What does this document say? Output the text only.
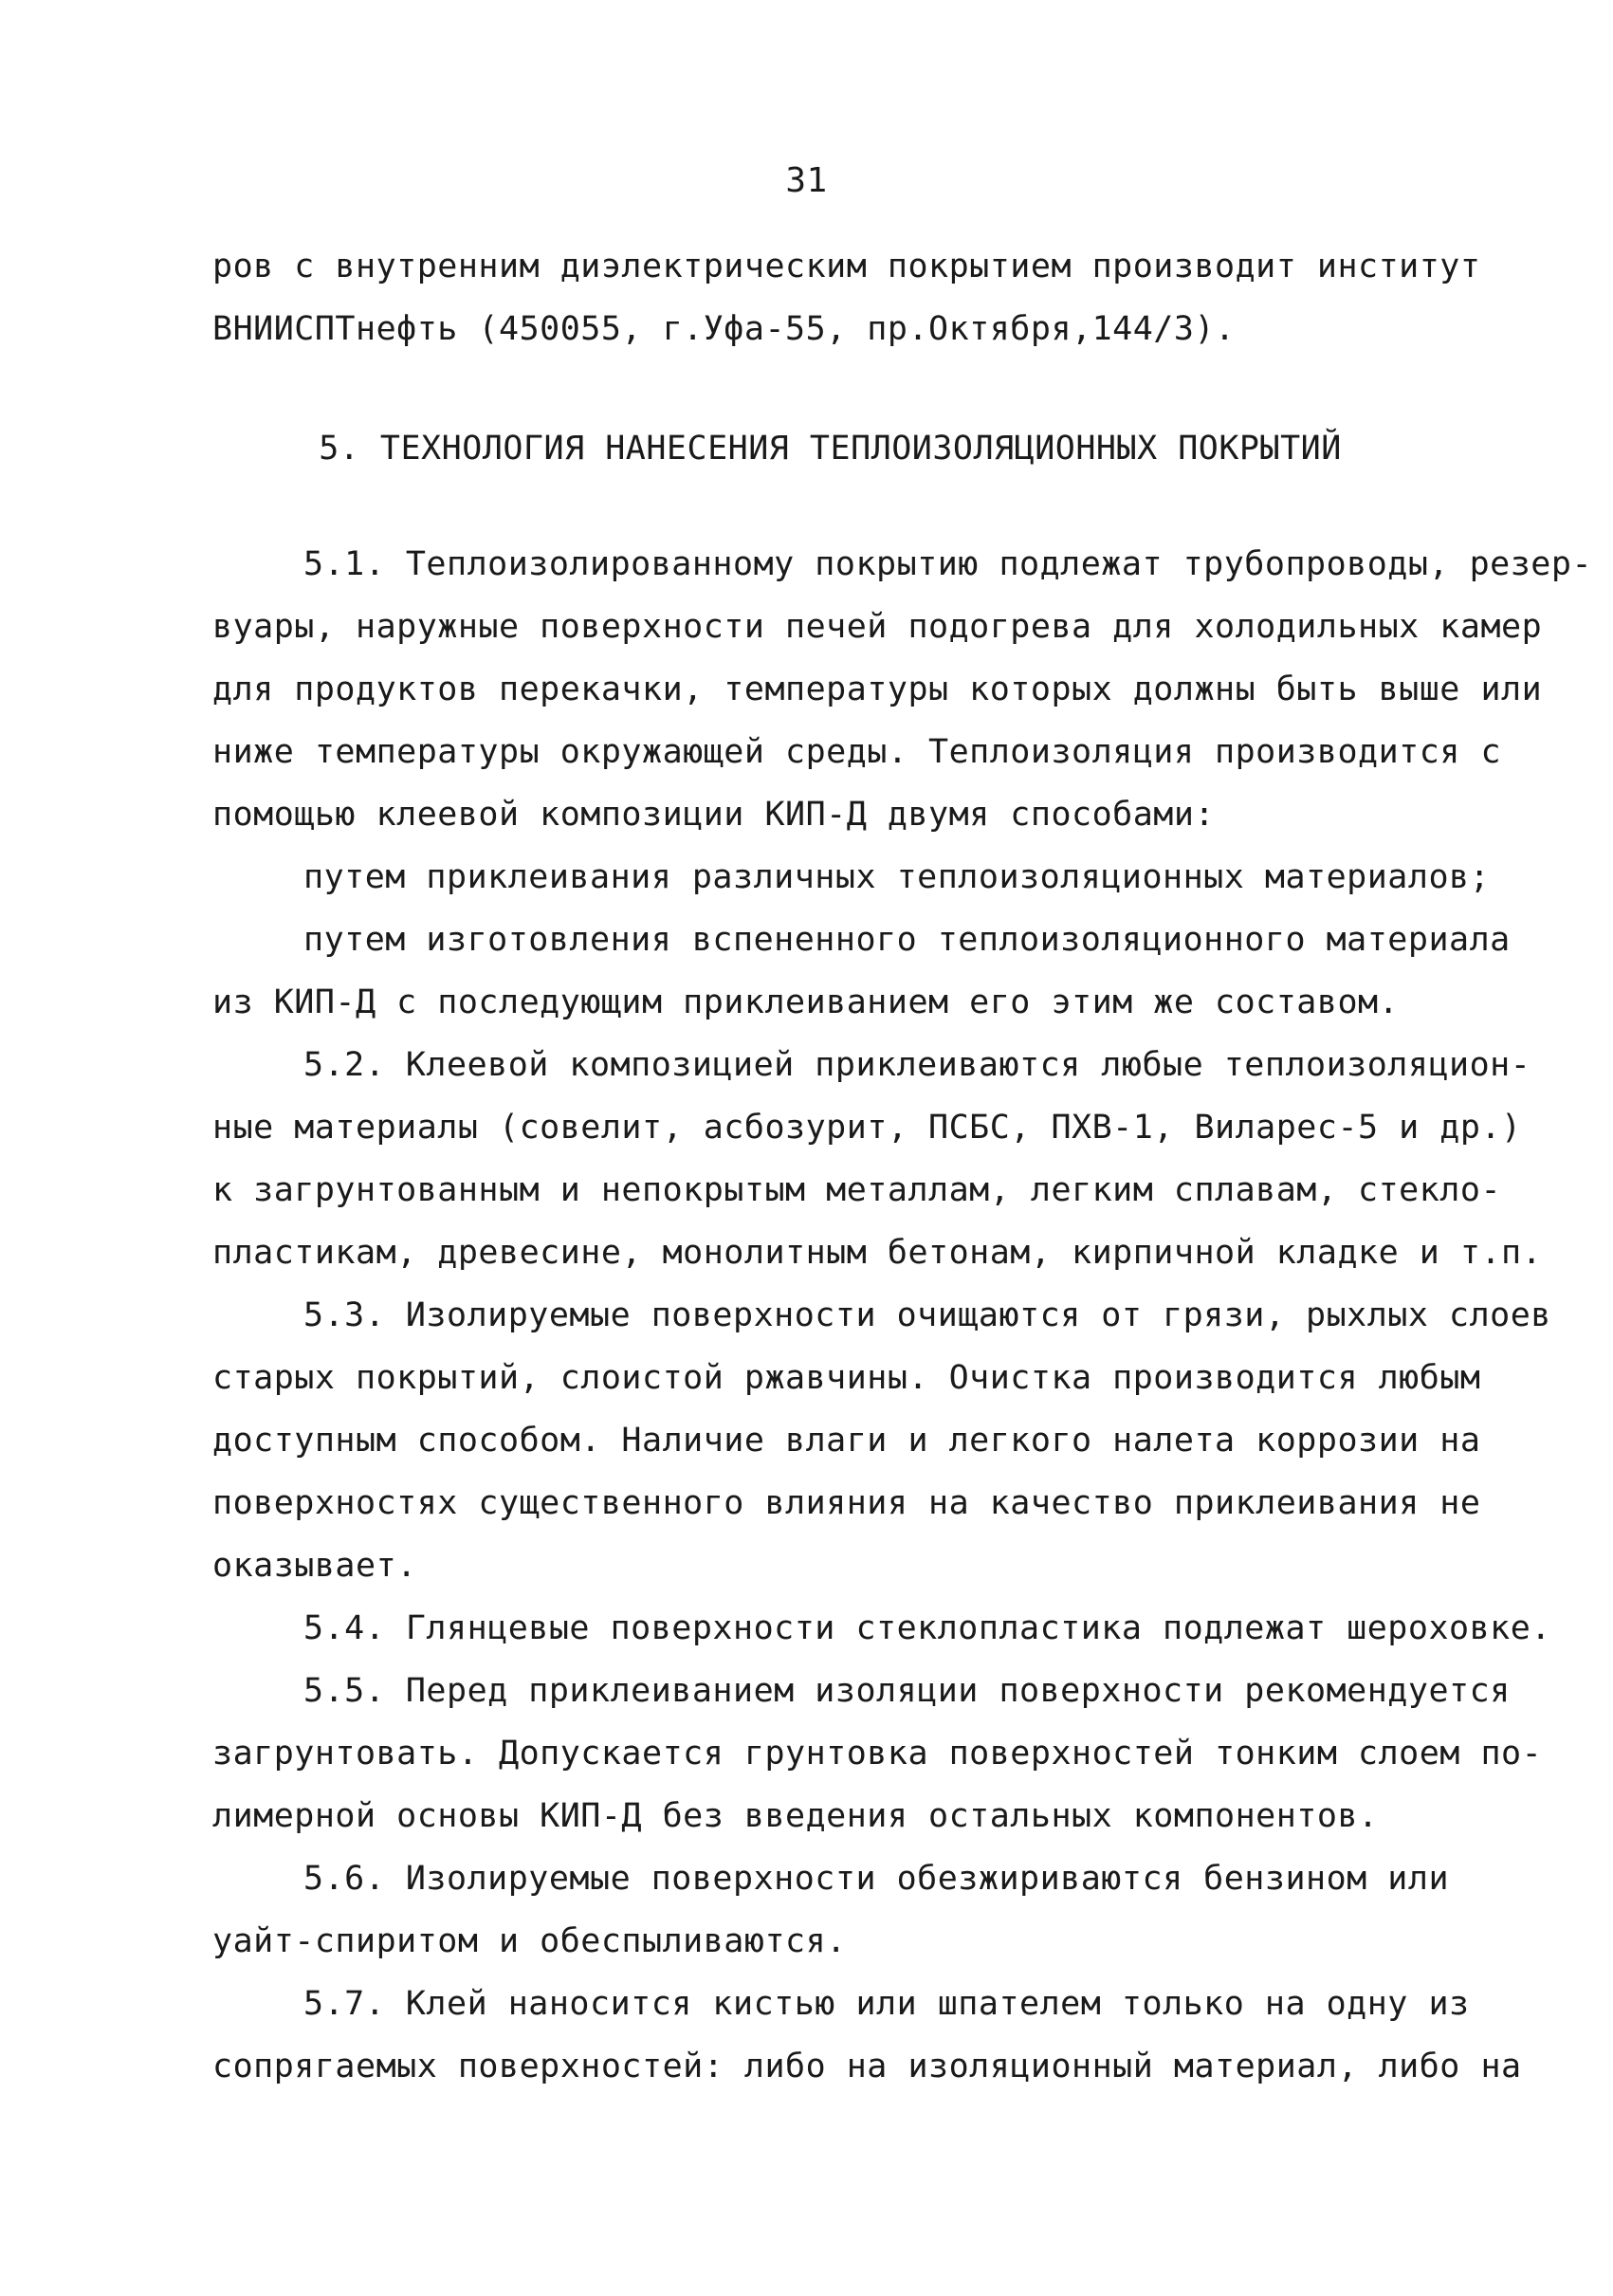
31
ров с внутренним диэлектрическим покрытием производит институт
ВНИИСПТнефть (450055, г.Уфа-55, пр.Октября,144/3).
5. ТЕХНОЛОГИЯ НАНЕСЕНИЯ ТЕПЛОИЗОЛЯЦИОННЫХ ПОКРЫТИЙ
5.1. Теплоизолированному покрытию подлежат трубопроводы, резер-
вуары, наружные поверхности печей подогрева для холодильных камер
для продуктов перекачки, температуры которых должны быть выше или
ниже температуры окружающей среды. Теплоизоляция производится с
помощью клеевой композиции КИП-Д двумя способами:
путем приклеивания различных теплоизоляционных материалов;
путем изготовления вспененного теплоизоляционного материала
из КИП-Д с последующим приклеиванием его этим же составом.
5.2. Клеевой композицией приклеиваются любые теплоизоляцион-
ные материалы (совелит, асбозурит, ПСБС, ПХВ-1, Виларес-5 и др.)
к загрунтованным и непокрытым металлам, легким сплавам, стекло-
пластикам, древесине, монолитным бетонам, кирпичной кладке и т.п.
5.3. Изолируемые поверхности очищаются от грязи, рыхлых слоев
старых покрытий, слоистой ржавчины. Очистка производится любым
доступным способом. Наличие влаги и легкого налета коррозии на
поверхностях существенного влияния на качество приклеивания не
оказывает.
5.4. Глянцевые поверхности стеклопластика подлежат шероховке.
5.5. Перед приклеиванием изоляции поверхности рекомендуется
загрунтовать. Допускается грунтовка поверхностей тонким слоем по-
лимерной основы КИП-Д без введения остальных компонентов.
5.6. Изолируемые поверхности обезжириваются бензином или
уайт-спиритом и обеспыливаются.
5.7. Клей наносится кистью или шпателем только на одну из
сопрягаемых поверхностей: либо на изоляционный материал, либо на
